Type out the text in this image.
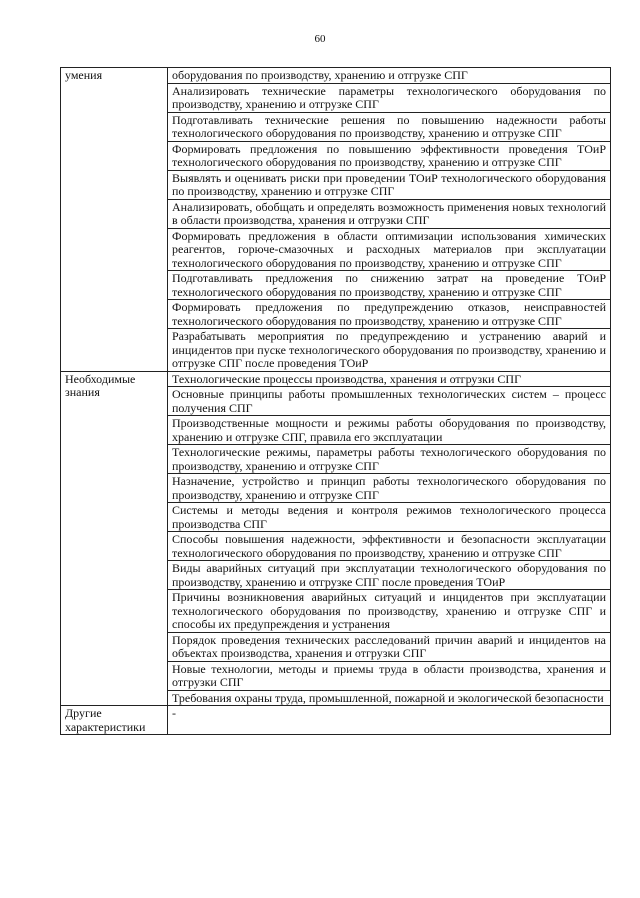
60
умения	оборудования по производству, хранению и отгрузке СПГ
	Анализировать технические параметры технологического оборудования по производству, хранению и отгрузке СПГ
	Подготавливать технические решения по повышению надежности работы технологического оборудования по производству, хранению и отгрузке СПГ
	Формировать предложения по повышению эффективности проведения ТОиР технологического оборудования по производству, хранению и отгрузке СПГ
	Выявлять и оценивать риски при проведении ТОиР технологического оборудования по производству, хранению и отгрузке СПГ
	Анализировать, обобщать и определять возможность применения новых технологий в области производства, хранения и отгрузки СПГ
	Формировать предложения в области оптимизации использования химических реагентов, горюче-смазочных и расходных материалов при эксплуатации технологического оборудования по производству, хранению и отгрузке СПГ
	Подготавливать предложения по снижению затрат на проведение ТОиР технологического оборудования по производству, хранению и отгрузке СПГ
	Формировать предложения по предупреждению отказов, неисправностей технологического оборудования по производству, хранению и отгрузке СПГ
	Разрабатывать мероприятия по предупреждению и устранению аварий и инцидентов при пуске технологического оборудования по производству, хранению и отгрузке СПГ после проведения ТОиР
Необходимые знания	Технологические процессы производства, хранения и отгрузки СПГ
	Основные принципы работы промышленных технологических систем – процесс получения СПГ
	Производственные мощности и режимы работы оборудования по производству, хранению и отгрузке СПГ, правила его эксплуатации
	Технологические режимы, параметры работы технологического оборудования по производству, хранению и отгрузке СПГ
	Назначение, устройство и принцип работы технологического оборудования по производству, хранению и отгрузке СПГ
	Системы и методы ведения и контроля режимов технологического процесса производства СПГ
	Способы повышения надежности, эффективности и безопасности эксплуатации технологического оборудования по производству, хранению и отгрузке СПГ
	Виды аварийных ситуаций при эксплуатации технологического оборудования по производству, хранению и отгрузке СПГ после проведения ТОиР
	Причины возникновения аварийных ситуаций и инцидентов при эксплуатации технологического оборудования по производству, хранению и отгрузке СПГ и способы их предупреждения и устранения
	Порядок проведения технических расследований причин аварий и инцидентов на объектах производства, хранения и отгрузки СПГ
	Новые технологии, методы и приемы труда в области производства, хранения и отгрузки СПГ
	Требования охраны труда, промышленной, пожарной и экологической безопасности
Другие характеристики	-
